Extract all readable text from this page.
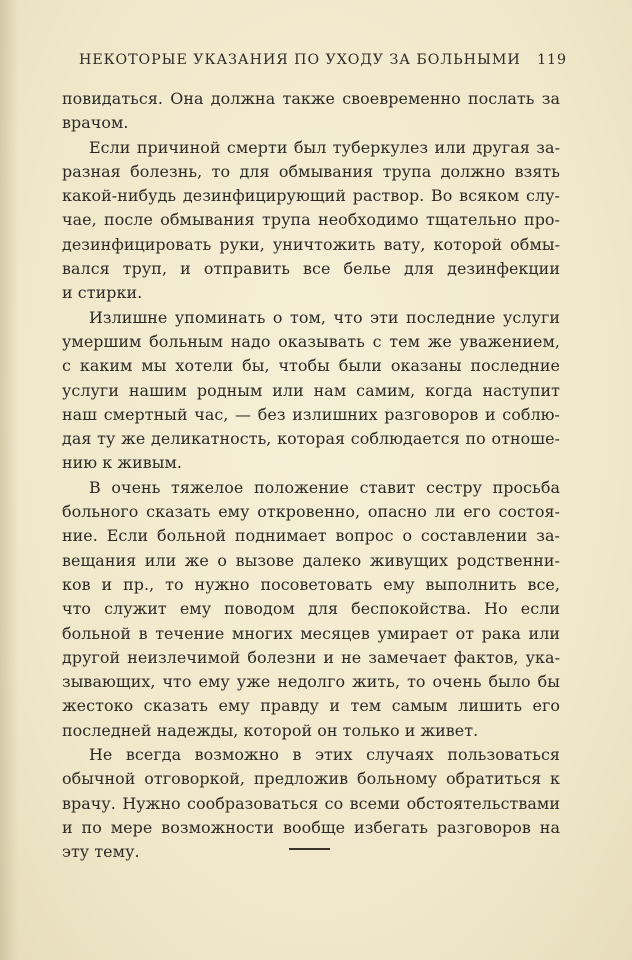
НЕКОТОРЫЕ УКАЗАНИЯ ПО УХОДУ ЗА БОЛЬНЫМИ 119
повидаться. Она должна также своевременно послать за
врачом.
Если причиной смерти был туберкулез или другая за-
разная болезнь, то для обмывания трупа должно взять
какой-нибудь дезинфицирующий раствор. Во всяком слу-
чае, после обмывания трупа необходимо тщательно про-
дезинфицировать руки, уничтожить вату, которой обмы-
вался труп, и отправить все белье для дезинфекции
и стирки.
Излишне упоминать о том, что эти последние услуги
умершим больным надо оказывать с тем же уважением,
с каким мы хотели бы, чтобы были оказаны последние
услуги нашим родным или нам самим, когда наступит
наш смертный час, — без излишних разговоров и соблю-
дая ту же деликатность, которая соблюдается по отноше-
нию к живым.
В очень тяжелое положение ставит сестру просьба
больного сказать ему откровенно, опасно ли его состоя-
ние. Если больной поднимает вопрос о составлении за-
вещания или же о вызове далеко живущих родственни-
ков и пр., то нужно посоветовать ему выполнить все,
что служит ему поводом для беспокойства. Но если
больной в течение многих месяцев умирает от рака или
другой неизлечимой болезни и не замечает фактов, ука-
зывающих, что ему уже недолго жить, то очень было бы
жестоко сказать ему правду и тем самым лишить его
последней надежды, которой он только и живет.
Не всегда возможно в этих случаях пользоваться
обычной отговоркой, предложив больному обратиться к
врачу. Нужно сообразоваться со всеми обстоятельствами
и по мере возможности вообще избегать разговоров на
эту тему.
